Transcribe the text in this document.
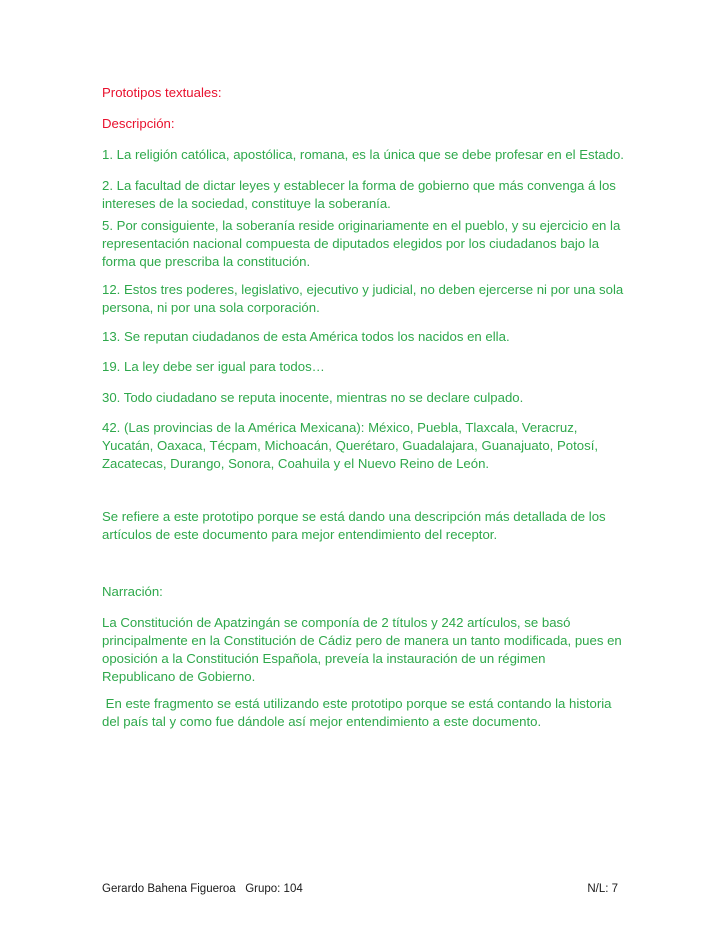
Prototipos textuales:

Descripción:

1. La religión católica, apostólica, romana, es la única que se debe profesar en el Estado.

2. La facultad de dictar leyes y establecer la forma de gobierno que más convenga á los intereses de la sociedad, constituye la soberanía.

5. Por consiguiente, la soberanía reside originariamente en el pueblo, y su ejercicio en la representación nacional compuesta de diputados elegidos por los ciudadanos bajo la forma que prescriba la constitución.

12. Estos tres poderes, legislativo, ejecutivo y judicial, no deben ejercerse ni por una sola persona, ni por una sola corporación.

13. Se reputan ciudadanos de esta América todos los nacidos en ella.

19. La ley debe ser igual para todos…

30. Todo ciudadano se reputa inocente, mientras no se declare culpado.

42. (Las provincias de la América Mexicana): México, Puebla, Tlaxcala, Veracruz, Yucatán, Oaxaca, Técpam, Michoacán, Querétaro, Guadalajara, Guanajuato, Potosí, Zacatecas, Durango, Sonora, Coahuila y el Nuevo Reino de León.

Se refiere a este prototipo porque se está dando una descripción más detallada de los artículos de este documento para mejor entendimiento del receptor.

Narración:

La Constitución de Apatzingán se componía de 2 títulos y 242 artículos, se basó principalmente en la Constitución de Cádiz pero de manera un tanto modificada, pues en oposición a la Constitución Española, preveía la instauración de un régimen Republicano de Gobierno.

En este fragmento se está utilizando este prototipo porque se está contando la historia del país tal y como fue dándole así mejor entendimiento a este documento.

Gerardo Bahena Figueroa   Grupo: 104	N/L: 7
